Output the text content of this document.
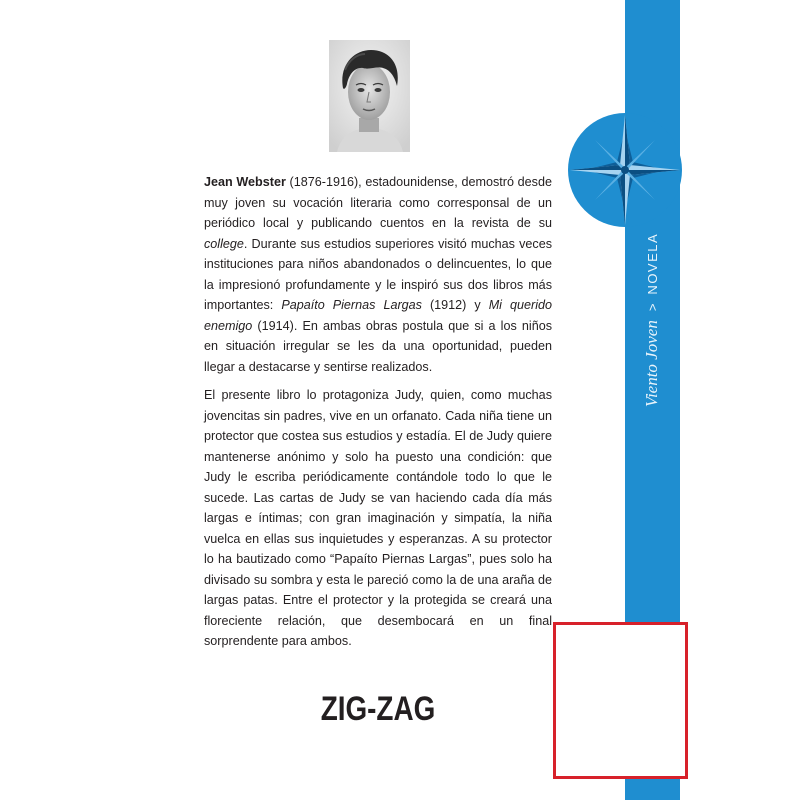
Viento Joven
>
NOVELA

Jean Webster (1876-1916), estadounidense, demostró desde muy joven su vocación literaria como corresponsal de un periódico local y publicando cuentos en la revista de su college. Durante sus estudios superiores visitó muchas veces instituciones para niños abandonados o delincuentes, lo que la impresionó profundamente y le inspiró sus dos libros más importantes: Papaíto Piernas Largas (1912) y Mi querido enemigo (1914). En ambas obras postula que si a los niños en situación irregular se les da una oportunidad, pueden llegar a destacarse y sentirse realizados.

El presente libro lo protagoniza Judy, quien, como muchas jovencitas sin padres, vive en un orfanato. Cada niña tiene un protector que costea sus estudios y estadía. El de Judy quiere mantenerse anónimo y solo ha puesto una condición: que Judy le escriba periódicamente contándole todo lo que le sucede. Las cartas de Judy se van haciendo cada día más largas e íntimas; con gran imaginación y simpatía, la niña vuelca en ellas sus inquietudes y esperanzas. A su protector lo ha bautizado como “Papaíto Piernas Largas”, pues solo ha divisado su sombra y esta le pareció como la de una araña de largas patas. Entre el protector y la protegida se creará una floreciente relación, que desembocará en un final sorprendente para ambos.

ZIG-ZAG
